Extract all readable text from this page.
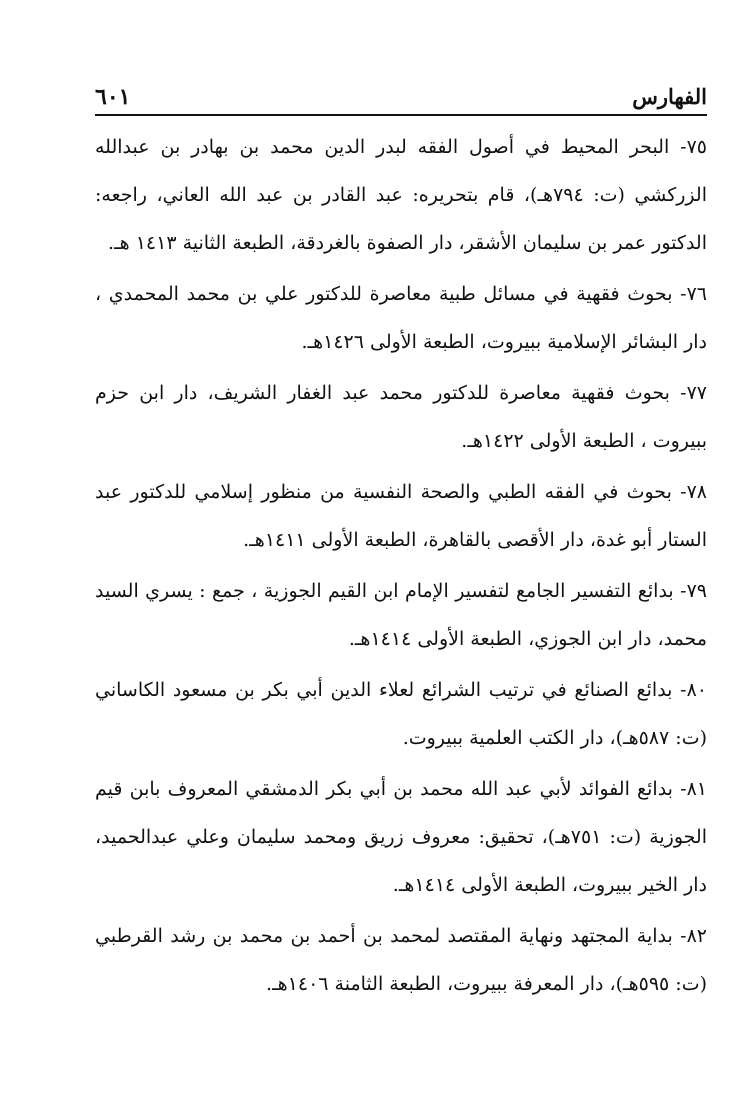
الفهارس
٦٠١

٧٥- البحر المحيط في أصول الفقه لبدر الدين محمد بن بهادر بن عبدالله الزركشي (ت: ٧٩٤هـ)، قام بتحريره: عبد القادر بن عبد الله العاني، راجعه: الدكتور عمر بن سليمان الأشقر، دار الصفوة بالغردقة، الطبعة الثانية ١٤١٣ هـ.

٧٦- بحوث فقهية في مسائل طبية معاصرة للدكتور علي بن محمد المحمدي ، دار البشائر الإسلامية ببيروت، الطبعة الأولى ١٤٢٦هـ.

٧٧- بحوث فقهية معاصرة للدكتور محمد عبد الغفار الشريف، دار ابن حزم ببيروت ، الطبعة الأولى ١٤٢٢هـ.

٧٨- بحوث في الفقه الطبي والصحة النفسية من منظور إسلامي للدكتور عبد الستار أبو غدة، دار الأقصى بالقاهرة، الطبعة الأولى ١٤١١هـ.

٧٩- بدائع التفسير الجامع لتفسير الإمام ابن القيم الجوزية ، جمع : يسري السيد محمد، دار ابن الجوزي، الطبعة الأولى ١٤١٤هـ.

٨٠- بدائع الصنائع في ترتيب الشرائع لعلاء الدين أبي بكر بن مسعود الكاساني (ت: ٥٨٧هـ)، دار الكتب العلمية ببيروت.

٨١- بدائع الفوائد لأبي عبد الله محمد بن أبي بكر الدمشقي المعروف بابن قيم الجوزية (ت: ٧٥١هـ)، تحقيق: معروف زريق ومحمد سليمان وعلي عبدالحميد، دار الخير ببيروت، الطبعة الأولى ١٤١٤هـ.

٨٢- بداية المجتهد ونهاية المقتصد لمحمد بن أحمد بن محمد بن رشد القرطبي (ت: ٥٩٥هـ)، دار المعرفة ببيروت، الطبعة الثامنة ١٤٠٦هـ.
